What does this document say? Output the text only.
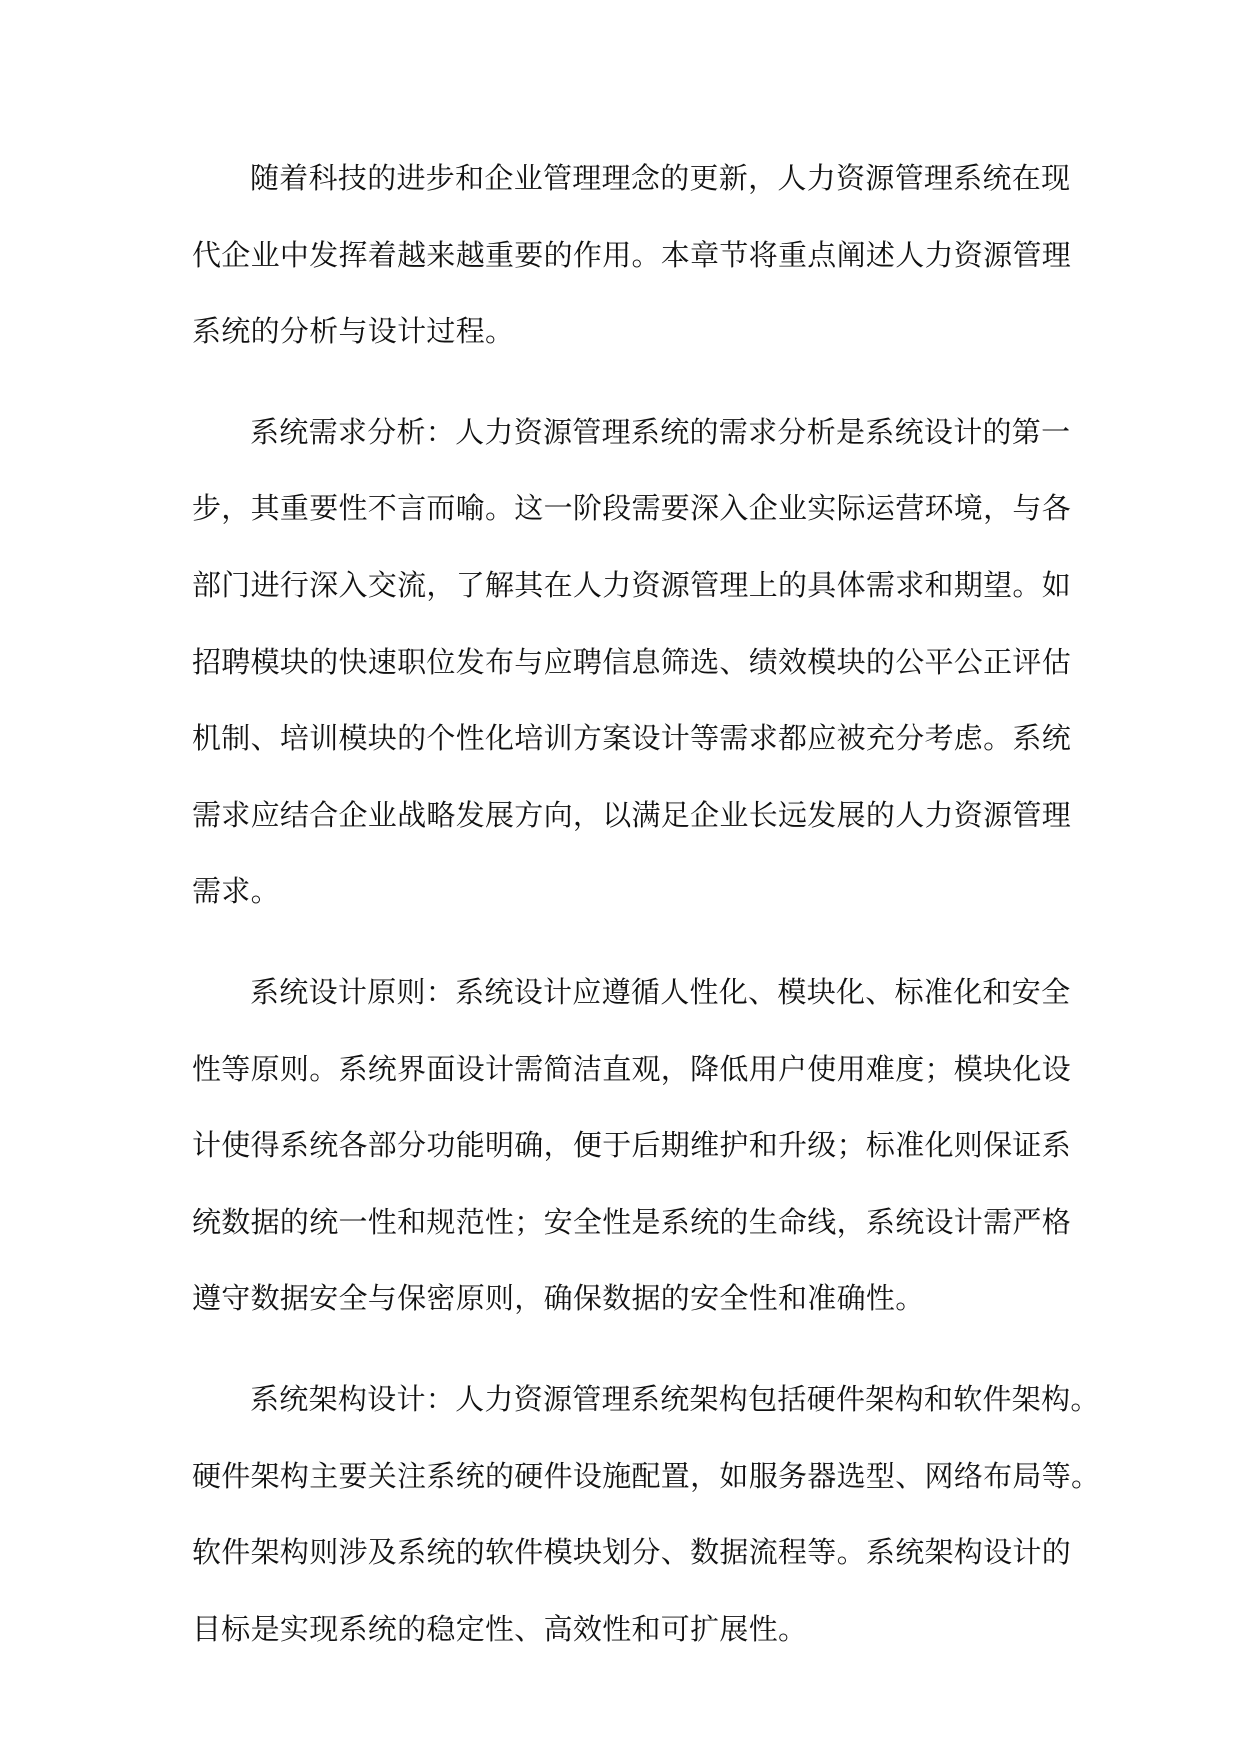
随着科技的进步和企业管理理念的更新，人力资源管理系统在现
代企业中发挥着越来越重要的作用。本章节将重点阐述人力资源管理
系统的分析与设计过程。

系统需求分析：人力资源管理系统的需求分析是系统设计的第一
步，其重要性不言而喻。这一阶段需要深入企业实际运营环境，与各
部门进行深入交流，了解其在人力资源管理上的具体需求和期望。如
招聘模块的快速职位发布与应聘信息筛选、绩效模块的公平公正评估
机制、培训模块的个性化培训方案设计等需求都应被充分考虑。系统
需求应结合企业战略发展方向，以满足企业长远发展的人力资源管理
需求。

系统设计原则：系统设计应遵循人性化、模块化、标准化和安全
性等原则。系统界面设计需简洁直观，降低用户使用难度；模块化设
计使得系统各部分功能明确，便于后期维护和升级；标准化则保证系
统数据的统一性和规范性；安全性是系统的生命线，系统设计需严格
遵守数据安全与保密原则，确保数据的安全性和准确性。

系统架构设计：人力资源管理系统架构包括硬件架构和软件架构。
硬件架构主要关注系统的硬件设施配置，如服务器选型、网络布局等。
软件架构则涉及系统的软件模块划分、数据流程等。系统架构设计的
目标是实现系统的稳定性、高效性和可扩展性。
